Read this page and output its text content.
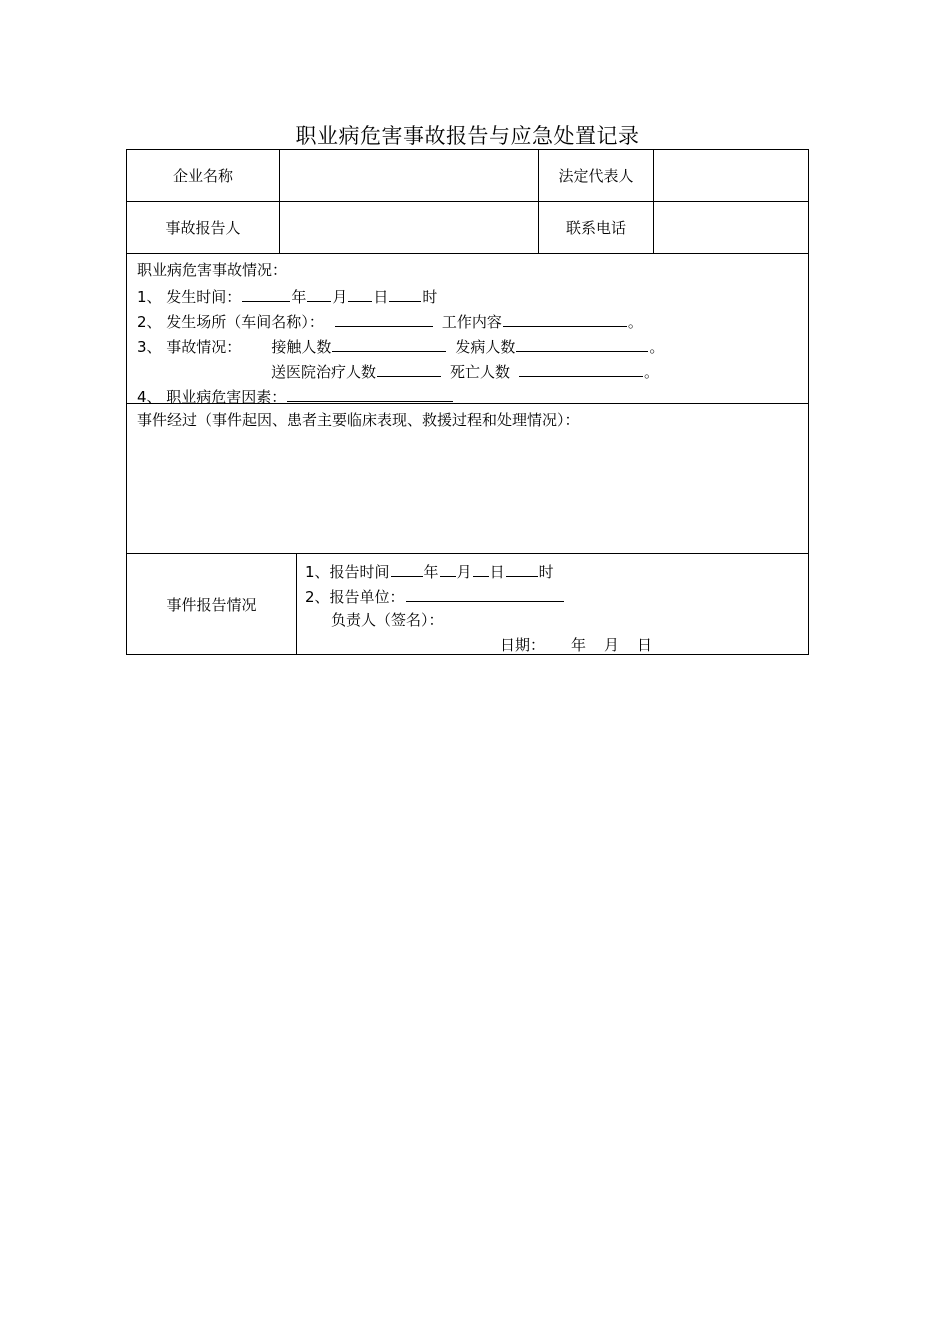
职业病危害事故报告与应急处置记录
企业名称	法定代表人
事故报告人	联系电话
职业病危害事故情况：
1、 发生时间：	年 月 日 时
2、 发生场所（车间名称）：	工作内容	。
3、 事故情况： 接触人数	发病人数	。
送医院治疗人数	死亡人数	。
4、 职业病危害因素：
事件经过（事件起因、患者主要临床表现、救援过程和处理情况）：
事件报告情况
1、报告时间 年 月 日 时
2、报告单位：
负责人（签名）：
日期： 年 月 日
